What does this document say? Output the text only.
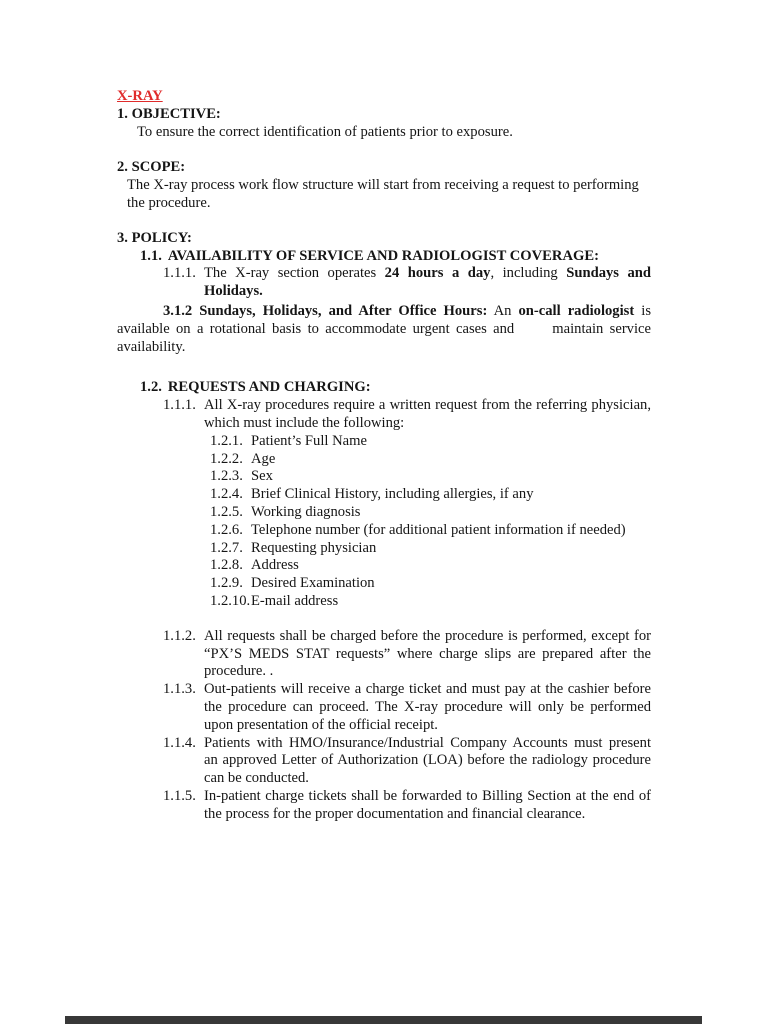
X-RAY
1. OBJECTIVE:
To ensure the correct identification of patients prior to exposure.
2. SCOPE:
The X-ray process work flow structure will start from receiving a request to performing the procedure.
3. POLICY:
1.1. AVAILABILITY OF SERVICE AND RADIOLOGIST COVERAGE:
1.1.1. The X-ray section operates 24 hours a day, including Sundays and Holidays.
3.1.2 Sundays, Holidays, and After Office Hours: An on-call radiologist is available on a rotational basis to accommodate urgent cases and      maintain service availability.
1.2. REQUESTS AND CHARGING:
1.1.1. All X-ray procedures require a written request from the referring physician, which must include the following:
1.2.1. Patient’s Full Name
1.2.2. Age
1.2.3. Sex
1.2.4. Brief Clinical History, including allergies, if any
1.2.5. Working diagnosis
1.2.6. Telephone number (for additional patient information if needed)
1.2.7. Requesting physician
1.2.8. Address
1.2.9. Desired Examination
1.2.10. E-mail address
1.1.2. All requests shall be charged before the procedure is performed, except for “PX’S MEDS STAT requests” where charge slips are prepared after the procedure. .
1.1.3. Out-patients will receive a charge ticket and must pay at the cashier before the procedure can proceed. The X-ray procedure will only be performed upon presentation of the official receipt.
1.1.4. Patients with HMO/Insurance/Industrial Company Accounts must present an approved Letter of Authorization (LOA) before the radiology procedure can be conducted.
1.1.5. In-patient charge tickets shall be forwarded to Billing Section at the end of the process for the proper documentation and financial clearance.
